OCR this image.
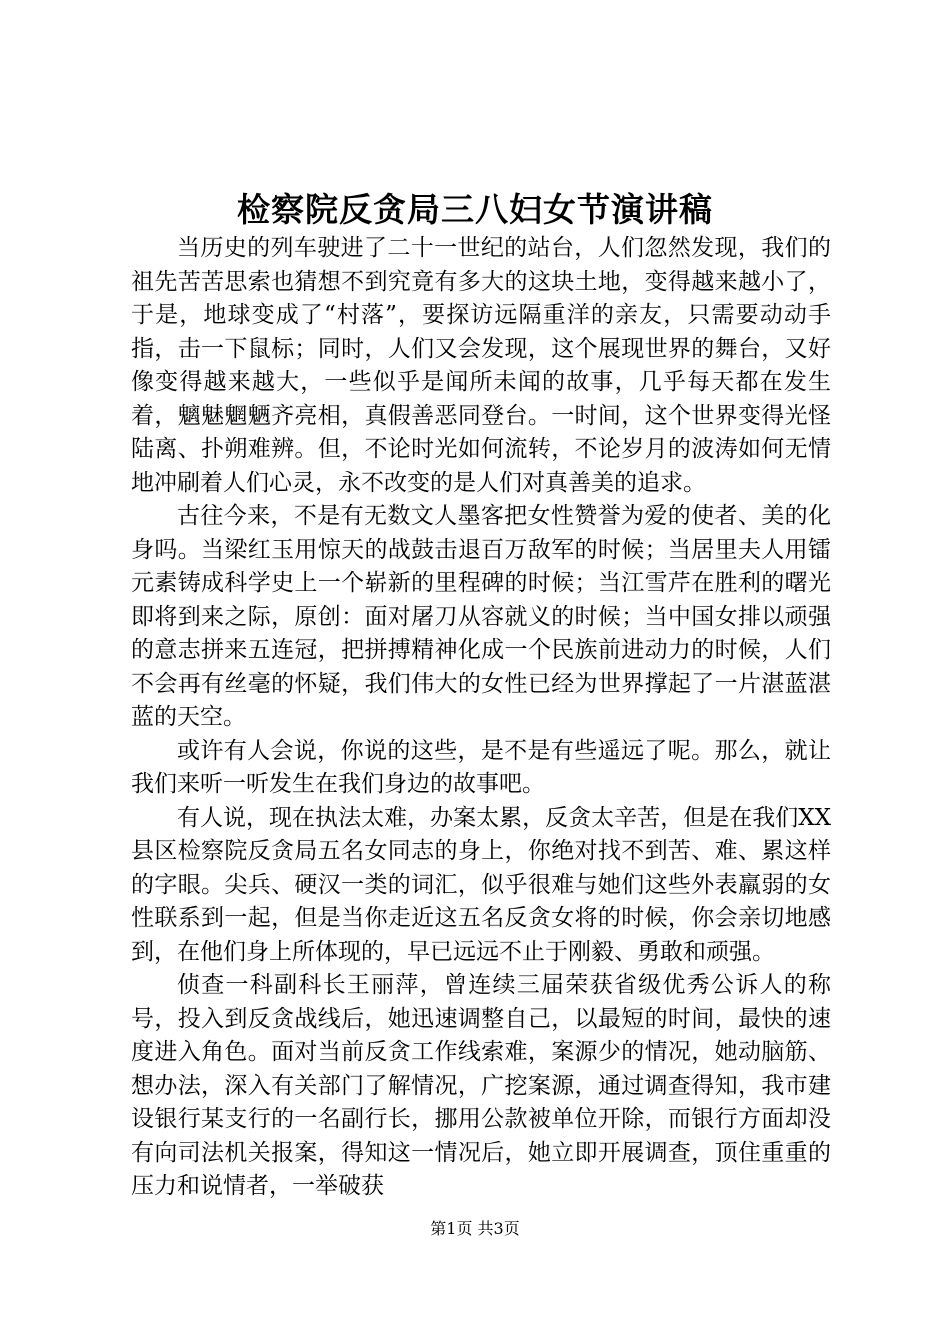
检察院反贪局三八妇女节演讲稿

当历史的列车驶进了二十一世纪的站台，人们忽然发现，我们的祖先苦苦思索也猜想不到究竟有多大的这块土地，变得越来越小了，于是，地球变成了“村落”，要探访远隔重洋的亲友，只需要动动手指，击一下鼠标；同时，人们又会发现，这个展现世界的舞台，又好像变得越来越大，一些似乎是闻所未闻的故事，几乎每天都在发生着，魑魅魍魉齐亮相，真假善恶同登台。一时间，这个世界变得光怪陆离、扑朔难辨。但，不论时光如何流转，不论岁月的波涛如何无情地冲刷着人们心灵，永不改变的是人们对真善美的追求。

古往今来，不是有无数文人墨客把女性赞誉为爱的使者、美的化身吗。当梁红玉用惊天的战鼓击退百万敌军的时候；当居里夫人用镭元素铸成科学史上一个崭新的里程碑的时候；当江雪芹在胜利的曙光即将到来之际，原创：面对屠刀从容就义的时候；当中国女排以顽强的意志拼来五连冠，把拼搏精神化成一个民族前进动力的时候，人们不会再有丝毫的怀疑，我们伟大的女性已经为世界撑起了一片湛蓝湛蓝的天空。

或许有人会说，你说的这些，是不是有些遥远了呢。那么，就让我们来听一听发生在我们身边的故事吧。

有人说，现在执法太难，办案太累，反贪太辛苦，但是在我们XX县区检察院反贪局五名女同志的身上，你绝对找不到苦、难、累这样的字眼。尖兵、硬汉一类的词汇，似乎很难与她们这些外表羸弱的女性联系到一起，但是当你走近这五名反贪女将的时候，你会亲切地感到，在他们身上所体现的，早已远远不止于刚毅、勇敢和顽强。

侦查一科副科长王丽萍，曾连续三届荣获省级优秀公诉人的称号，投入到反贪战线后，她迅速调整自己，以最短的时间，最快的速度进入角色。面对当前反贪工作线索难，案源少的情况，她动脑筋、想办法，深入有关部门了解情况，广挖案源，通过调查得知，我市建设银行某支行的一名副行长，挪用公款被单位开除，而银行方面却没有向司法机关报案，得知这一情况后，她立即开展调查，顶住重重的压力和说情者，一举破获

第1页 共3页
